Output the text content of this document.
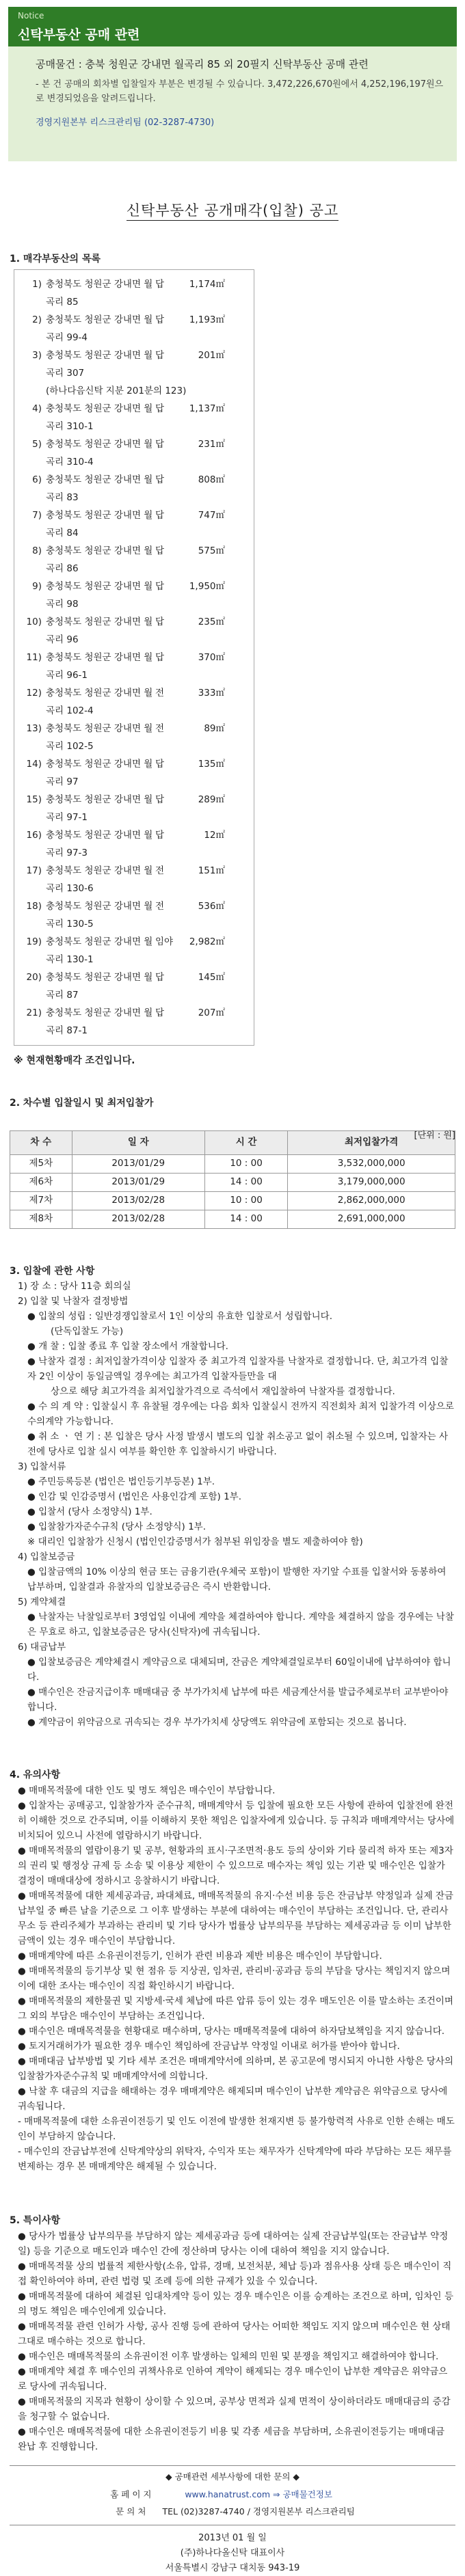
Notice
신탁부동산 공매 관련
공매물건 : 충북 청원군 강내면 월곡리 85 외 20필지 신탁부동산 공매 관련
- 본 건 공매의 회차별 입찰일자 부분은 변경될 수 있습니다. 3,472,226,670원에서 4,252,196,197원으로 변경되었음을 알려드립니다.
경영지원본부 리스크관리팀 (02-3287-4730)
신탁부동산 공개매각(입찰) 공고
1. 매각부동산의 목록
1) 충청북도 청원군 강내면 월곡리 85
답	1,174㎡
2) 충청북도 청원군 강내면 월곡리 99-4
답	1,193㎡
3) 충청북도 청원군 강내면 월곡리 307
답	201㎡
(하나다음신탁 지분 201분의 123)
4) 충청북도 청원군 강내면 월곡리 310-1
답	1,137㎡
5) 충청북도 청원군 강내면 월곡리 310-4
답	231㎡
6) 충청북도 청원군 강내면 월곡리 83
답	808㎡
7) 충청북도 청원군 강내면 월곡리 84
답	747㎡
8) 충청북도 청원군 강내면 월곡리 86
답	575㎡
9) 충청북도 청원군 강내면 월곡리 98
답	1,950㎡
10) 충청북도 청원군 강내면 월곡리 96
답	235㎡
11) 충청북도 청원군 강내면 월곡리 96-1
답	370㎡
12) 충청북도 청원군 강내면 월곡리 102-4
전	333㎡
13) 충청북도 청원군 강내면 월곡리 102-5
전	89㎡
14) 충청북도 청원군 강내면 월곡리 97
답	135㎡
15) 충청북도 청원군 강내면 월곡리 97-1
답	289㎡
16) 충청북도 청원군 강내면 월곡리 97-3
답	12㎡
17) 충청북도 청원군 강내면 월곡리 130-6
전	151㎡
18) 충청북도 청원군 강내면 월곡리 130-5
전	536㎡
19) 충청북도 청원군 강내면 월곡리 130-1
임야	2,982㎡
20) 충청북도 청원군 강내면 월곡리 87
답	145㎡
21) 충청북도 청원군 강내면 월곡리 87-1
답	207㎡
※ 현재현황매각 조건입니다.
2. 차수별 입찰일시 및 최저입찰가
[단위 : 원]
차 수	일 자	시 간	최저입찰가격
제5차	2013/01/29	10 : 00	3,532,000,000
제6차	2013/01/29	14 : 00	3,179,000,000
제7차	2013/02/28	10 : 00	2,862,000,000
제8차	2013/02/28	14 : 00	2,691,000,000
3. 입찰에 관한 사항
1) 장 소 : 당사 11층 회의실
2) 입찰 및 낙찰자 결정방법
● 입찰의 성립 : 일반경쟁입찰로서 1인 이상의 유효한 입찰로서 성립합니다.
(단독입찰도 가능)
● 개 찰 : 입찰 종료 후 입찰 장소에서 개찰합니다.
● 낙찰자 결정 : 최저입찰가격이상 입찰자 중 최고가격 입찰자를 낙찰자로 결정합니다. 단, 최고가격 입찰자 2인 이상이 동일금액일 경우에는 최고가격 입찰자들만을 대
상으로 해당 최고가격을 최저입찰가격으로 즉석에서 재입찰하여 낙찰자를 결정합니다.
● 수 의 계 약 : 입찰실시 후 유찰될 경우에는 다음 회차 입찰실시 전까지 직전회차 최저 입찰가격 이상으로 수의계약 가능합니다.
● 취 소 ㆍ 연 기 : 본 입찰은 당사 사정 발생시 별도의 입찰 취소공고 없이 취소될 수 있으며, 입찰자는 사전에 당사로 입찰 실시 여부를 확인한 후 입찰하시기 바랍니다.
3) 입찰서류
● 주민등록등본 (법인은 법인등기부등본) 1부.
● 인감 및 인감증명서 (법인은 사용인감계 포함) 1부.
● 입찰서 (당사 소정양식) 1부.
● 입찰참가자준수규칙 (당사 소정양식) 1부.
※ 대리인 입찰참가 신청시 (법인인감증명서가 첨부된 위임장을 별도 제출하여야 함)
4) 입찰보증금
● 입찰금액의 10% 이상의 현금 또는 금융기관(우체국 포함)이 발행한 자기앞 수표를 입찰서와 동봉하여 납부하며, 입찰결과 유찰자의 입찰보증금은 즉시 반환합니다.
5) 계약체결
● 낙찰자는 낙찰일로부터 3영업일 이내에 계약을 체결하여야 합니다. 계약을 체결하지 않을 경우에는 낙찰은 무효로 하고, 입찰보증금은 당사(신탁자)에 귀속됩니다.
6) 대금납부
● 입찰보증금은 계약체결시 계약금으로 대체되며, 잔금은 계약체결일로부터 60일이내에 납부하여야 합니다.
● 매수인은 잔금지급이후 매매대금 중 부가가치세 납부에 따른 세금계산서를 발급주체로부터 교부받아야 합니다.
● 계약금이 위약금으로 귀속되는 경우 부가가치세 상당액도 위약금에 포함되는 것으로 봅니다.
4. 유의사항
● 매매목적물에 대한 인도 및 명도 책임은 매수인이 부담합니다.
● 입찰자는 공매공고, 입찰참가자 준수규칙, 매매계약서 등 입찰에 필요한 모든 사항에 관하여 입찰전에 완전히 이해한 것으로 간주되며, 이를 이해하지 못한 책임은 입찰자에게 있습니다. 등 규칙과 매매계약서는 당사에 비치되어 있으니 사전에 열람하시기 바랍니다.
● 매매목적물의 열람이용기 및 공부, 현황과의 표시·구조면적·용도 등의 상이와 기타 물리적 하자 또는 제3자의 권리 및 행정상 규제 등 소송 및 이용상 제한이 수 있으므로 매수자는 책임 있는 기관 및 매수인은 입찰가 결정이 매매대상에 정하시고 응찰하시기 바랍니다.
● 매매목적물에 대한 제세공과금, 파대체료, 매매목적물의 유지·수선 비용 등은 잔금납부 약정일과 실제 잔금납부일 중 빠른 날을 기준으로 그 이후 발생하는 부분에 대하여는 매수인이 부담하는 조건입니다. 단, 관리사무소 등 관리주체가 부과하는 관리비 및 기타 당사가 법률상 납부의무를 부담하는 제세공과금 등 이미 납부한 금액이 있는 경우 매수인이 부담합니다.
● 매매계약에 따른 소유권이전등기, 인허가 관련 비용과 제반 비용은 매수인이 부담합니다.
● 매매목적물의 등기부상 및 현 점유 등 지상권, 임차권, 관리비·공과금 등의 부담을 당사는 책임지지 않으며 이에 대한 조사는 매수인이 직접 확인하시기 바랍니다.
● 매매목적물의 제한물권 및 지방세·국세 체납에 따른 압류 등이 있는 경우 매도인은 이를 말소하는 조건이며 그 외의 부담은 매수인이 부담하는 조건입니다.
● 매수인은 매매목적물을 현황대로 매수하며, 당사는 매매목적물에 대하여 하자담보책임을 지지 않습니다.
● 토지거래허가가 필요한 경우 매수인 책임하에 잔금납부 약정일 이내로 허가를 받아야 합니다.
● 매매대금 납부방법 및 기타 세부 조건은 매매계약서에 의하며, 본 공고문에 명시되지 아니한 사항은 당사의 입찰참가자준수규칙 및 매매계약서에 의합니다.
● 낙찰 후 대금의 지급을 해태하는 경우 매매계약은 해제되며 매수인이 납부한 계약금은 위약금으로 당사에 귀속됩니다.
- 매매목적물에 대한 소유권이전등기 및 인도 이전에 발생한 천재지변 등 불가항력적 사유로 인한 손해는 매도인이 부담하지 않습니다.
- 매수인의 잔금납부전에 신탁계약상의 위탁자, 수익자 또는 채무자가 신탁계약에 따라 부담하는 모든 채무를 변제하는 경우 본 매매계약은 해제될 수 있습니다.
5. 특이사항
● 당사가 법률상 납부의무를 부담하지 않는 제세공과금 등에 대하여는 실제 잔금납부일(또는 잔금납부 약정일) 등을 기준으로 매도인과 매수인 간에 정산하며 당사는 이에 대하여 책임을 지지 않습니다.
● 매매목적물 상의 법률적 제한사항(소유, 압류, 경매, 보전처분, 체납 등)과 점유사용 상태 등은 매수인이 직접 확인하여야 하며, 관련 법령 및 조례 등에 의한 규제가 있을 수 있습니다.
● 매매목적물에 대하여 체결된 임대차계약 등이 있는 경우 매수인은 이를 승계하는 조건으로 하며, 임차인 등의 명도 책임은 매수인에게 있습니다.
● 매매목적물 관련 인허가 사항, 공사 진행 등에 관하여 당사는 어떠한 책임도 지지 않으며 매수인은 현 상태 그대로 매수하는 것으로 합니다.
● 매수인은 매매목적물의 소유권이전 이후 발생하는 일체의 민원 및 분쟁을 책임지고 해결하여야 합니다.
● 매매계약 체결 후 매수인의 귀책사유로 인하여 계약이 해제되는 경우 매수인이 납부한 계약금은 위약금으로 당사에 귀속됩니다.
● 매매목적물의 지목과 현황이 상이할 수 있으며, 공부상 면적과 실제 면적이 상이하더라도 매매대금의 증감을 청구할 수 없습니다.
● 매수인은 매매목적물에 대한 소유권이전등기 비용 및 각종 세금을 부담하며, 소유권이전등기는 매매대금 완납 후 진행합니다.
◆ 공매관련 세부사항에 대한 문의 ◆
홈 페 이 지	www.hanatrust.com ⇒ 공매물건정보
문 의 처	TEL (02)3287-4740 / 경영지원본부 리스크관리팀
2013년 01 월 일
(주)하나다올신탁 대표이사
서울특별시 강남구 대치동 943-19
